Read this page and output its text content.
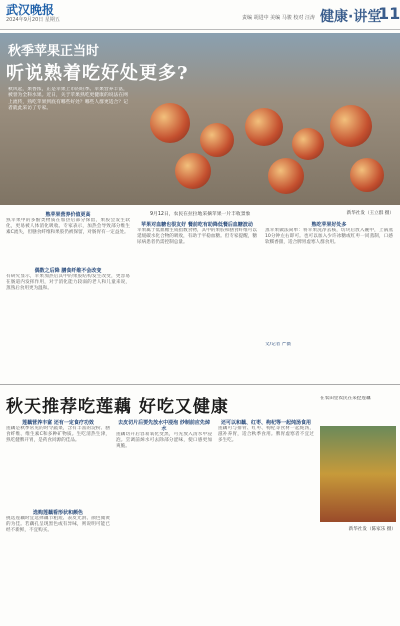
武汉晚报
2024年9月20日 星期五	责编 胡进中 美编 马骏 校对 汪涛 健康·讲堂
11
秋季苹果正当时
听说熟着吃好处更多?
秋风起，果香浓，正是苹果上市的旺季。苹果营养丰富，被誉为全科水果。近日，关于苹果熟吃更健康的说法在网上流传，熟吃苹果到底有哪些好处？哪些人群更适合？记者就此采访了专家。
9月12日，农民在拉拉地采摘苹果一片丰收景象	新华社发（王立群 摄）
熟苹果营养价值更高
熟苹果中的多酚类物质在加热后部分保留，果胶会发生软化，更易被人体消化吸收。专家表示，加热会导致部分维生素C流失，但膳食纤维和果胶仍被保留，对肠胃有一定益处。
偶数之后降 膳食纤维不会改变
有研究显示，苹果加热后其中的果胶结构发生改变，更容易在肠道内发挥作用，对于消化能力较弱的老人和儿童来说，蒸熟后食用更为温和。
苹果对血糖也很友好 餐前吃有助降低餐后血糖波动
苹果属于低血糖生成指数食物，其中的果胶和膳食纤维可以延缓碳水化合物的吸收，有助于平稳血糖。但专家提醒，糖尿病患者仍需控制总量。
熟吃苹果好处多
蒸苹果做法简单：将苹果洗净去核，切块后放入碗中，上锅蒸10分钟左右即可。也可以加入少许冰糖或红枣一同蒸制，口感软糯香甜，适合脾胃虚寒人群食用。
文/记者 严薇
秋天推荐吃莲藕 好吃又健康
莲藕营养丰富 还有一定食疗功效
莲藕是秋季常见的时令蔬菜，含有丰富的淀粉、膳食纤维、维生素C和多种矿物质。生吃清热生津，熟吃健脾开胃，是药食同源的佳品。
选购莲藕看形状和颜色
挑选莲藕时宜选择藕节粗短、表皮光滑、颜色微黄的为佳。若藕孔呈现黑色或有异味，则说明可能已经不新鲜，不宜购买。
去皮切片后要先放水中浸泡 炒制前应先焯水
莲藕切开后容易氧化变黑，可先放入清水中浸泡。烹调前焯水可去除部分涩味，使口感更加爽脆。
还可以和藕、红枣、枸杞等一起炖汤食用
莲藕可与排骨、红枣、枸杞等食材一起炖汤，滋补养胃，适合秋季食用。脾胃虚寒者不宜过多生吃。
在农田里农民在采挖莲藕
新华社发（陈家乐 摄）
